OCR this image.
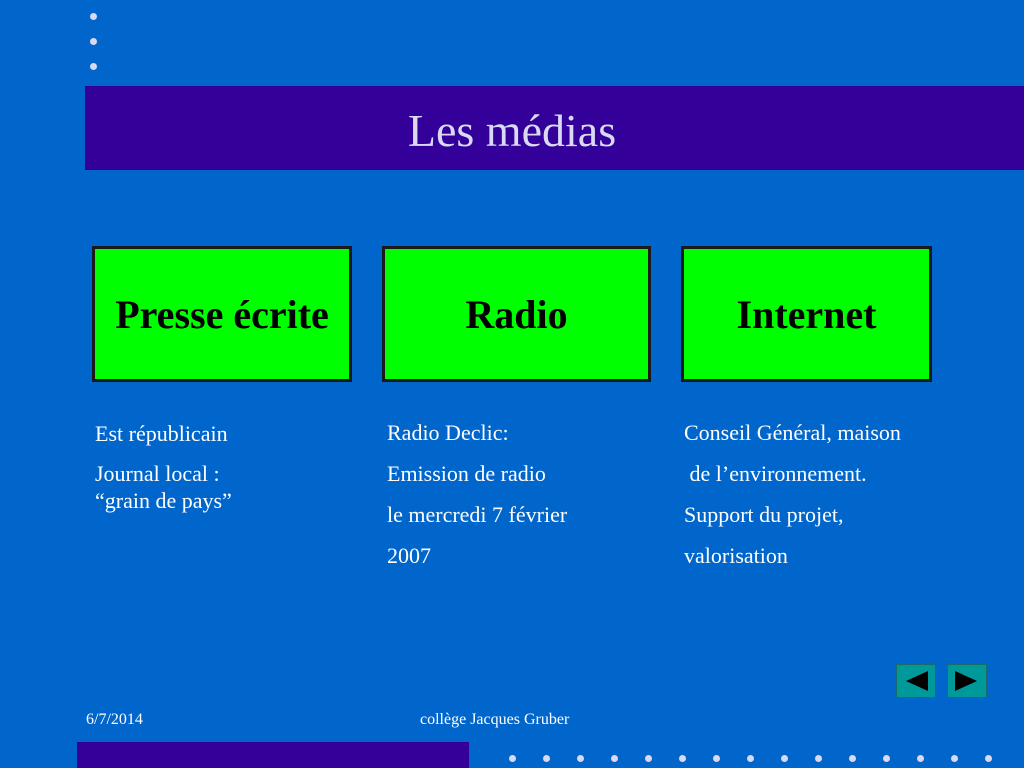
Les médias
Presse écrite	Radio	Internet

Est républicain

Journal local :

“grain de pays”

Radio Declic:

Emission de radio

le mercredi 7 février

2007

Conseil Général, maison

de l’environnement.

Support du projet,

valorisation

6/7/2014	collège Jacques Gruber
